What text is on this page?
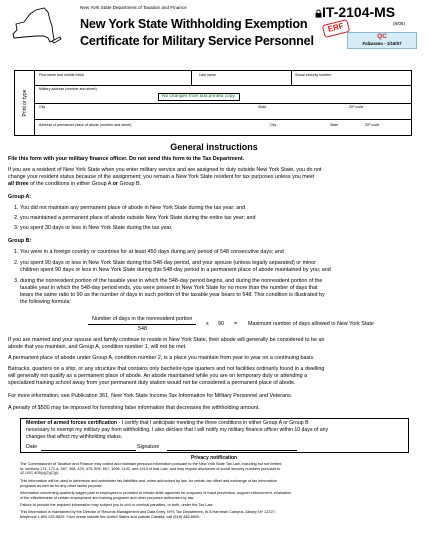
New York State Department of Taxation and Finance
New York State Withholding Exemption
Certificate for Military Service Personnel
IT-2104-MS
(8/05)
ERF
QC
Falzarano - 1/16/07
Print or type
First name and middle initial	Last name	Social security number
Military address (number and street)
No changes from last printed copy.
City	State	ZIP code
Address of permanent place of abode (number and street)	City	State	ZIP code
General instructions
File this form with your military finance officer. Do not send this form to the Tax Department.
If you are a resident of New York State when you enter military service and are assigned to duty outside New York State, you do not
change your resident status because of the assignment; you remain a New York State resident for tax purposes unless you meet
all three of the conditions in either Group A or Group B.
Group A:
1. You did not maintain any permanent place of abode in New York State during the tax year; and
2. you maintained a permanent place of abode outside New York State during the entire tax year; and
3. you spent 30 days or less in New York State during the tax year.
Group B:
1. You were in a foreign country or countries for at least 450 days during any period of 548 consecutive days; and
2. you spent 90 days or less in New York State during this 548-day period, and your spouse (unless legally separated) or minor
children spent 90 days or less in New York State during this 548-day period in a permanent place of abode maintained by you; and
3. during the nonresident portion of the taxable year in which the 548-day period begins, and during the nonresident portion of the
taxable year in which the 548-day period ends, you were present in New York State for no more than the number of days that
bears the same ratio to 90 as the number of days in such portion of the taxable year bears to 548. This condition is illustrated by
the following formula:
Number of days in the nonresident portion
548
x 90 = Maximum number of days allowed in New York State
If you are married and your spouse and family continue to reside in New York State, their abode will generally be considered to be an
abode that you maintain, and Group A, condition number 1, will not be met.
A permanent place of abode under Group A, condition number 2, is a place you maintain from year to year on a continuing basis.
Barracks, quarters on a ship, or any structure that contains only bachelor-type quarters and not facilities ordinarily found in a dwelling
will generally not qualify as a permanent place of abode. An abode maintained while you are on temporary duty or attending a
specialized training school away from your permanent duty station would not be considered a permanent place of abode.
For more information, see Publication 361, New York State Income Tax Information for Military Personnel and Veterans.
A penalty of $500 may be imposed for furnishing false information that decreases the withholding amount.
Member of armed forces certification - I certify that I anticipate meeting the three conditions in either Group A or Group B
necessary to exempt my military pay from withholding. I also declare that I will notify my military finance officer within 10 days of any
changes that affect my withholding status.
Date	Signature
Privacy notification
The Commissioner of Taxation and Finance may collect and maintain personal information pursuant to the New York State Tax Law, including but not limited
to, sections 171, 171-a, 287, 308, 429, 475, 505, 697, 1096, 1142, and 1415 of that Law; and may require disclosure of social security numbers pursuant to
42 USC 405(c)(2)(C)(i).
This information will be used to determine and administer tax liabilities and, when authorized by law, for certain tax offset and exchange of tax information
programs as well as for any other lawful purpose.
Information concerning quarterly wages paid to employees is provided to certain state agencies for purposes of fraud prevention, support enforcement, evaluation
of the effectiveness of certain employment and training programs and other purposes authorized by law.
Failure to provide the required information may subject you to civil or criminal penalties, or both, under the Tax Law.
This information is maintained by the Director of Records Management and Data Entry, NYS Tax Department, W A Harriman Campus, Albany NY 12227;
telephone 1 800 225-5829. From areas outside the United States and outside Canada, call (518) 485-6800.
